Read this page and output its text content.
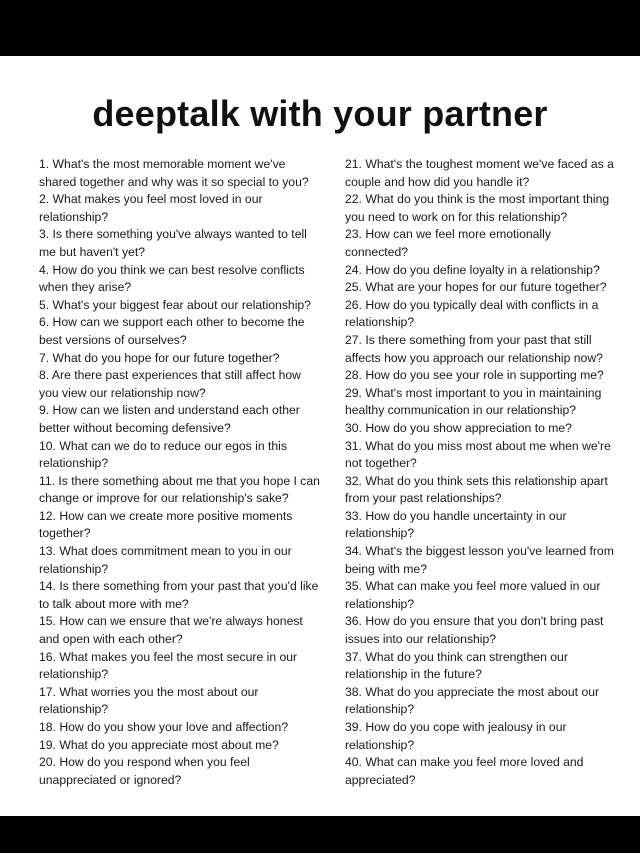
deeptalk with your partner
1. What's the most memorable moment we've shared together and why was it so special to you?
2. What makes you feel most loved in our relationship?
3. Is there something you've always wanted to tell me but haven't yet?
4. How do you think we can best resolve conflicts when they arise?
5. What's your biggest fear about our relationship?
6. How can we support each other to become the best versions of ourselves?
7. What do you hope for our future together?
8. Are there past experiences that still affect how you view our relationship now?
9. How can we listen and understand each other better without becoming defensive?
10. What can we do to reduce our egos in this relationship?
11. Is there something about me that you hope I can change or improve for our relationship's sake?
12. How can we create more positive moments together?
13. What does commitment mean to you in our relationship?
14. Is there something from your past that you'd like to talk about more with me?
15. How can we ensure that we're always honest and open with each other?
16. What makes you feel the most secure in our relationship?
17. What worries you the most about our relationship?
18. How do you show your love and affection?
19. What do you appreciate most about me?
20. How do you respond when you feel unappreciated or ignored?
21. What's the toughest moment we've faced as a couple and how did you handle it?
22. What do you think is the most important thing you need to work on for this relationship?
23. How can we feel more emotionally connected?
24. How do you define loyalty in a relationship?
25. What are your hopes for our future together?
26. How do you typically deal with conflicts in a relationship?
27. Is there something from your past that still affects how you approach our relationship now?
28. How do you see your role in supporting me?
29. What's most important to you in maintaining healthy communication in our relationship?
30. How do you show appreciation to me?
31. What do you miss most about me when we're not together?
32. What do you think sets this relationship apart from your past relationships?
33. How do you handle uncertainty in our relationship?
34. What's the biggest lesson you've learned from being with me?
35. What can make you feel more valued in our relationship?
36. How do you ensure that you don't bring past issues into our relationship?
37. What do you think can strengthen our relationship in the future?
38. What do you appreciate the most about our relationship?
39. How do you cope with jealousy in our relationship?
40. What can make you feel more loved and appreciated?
